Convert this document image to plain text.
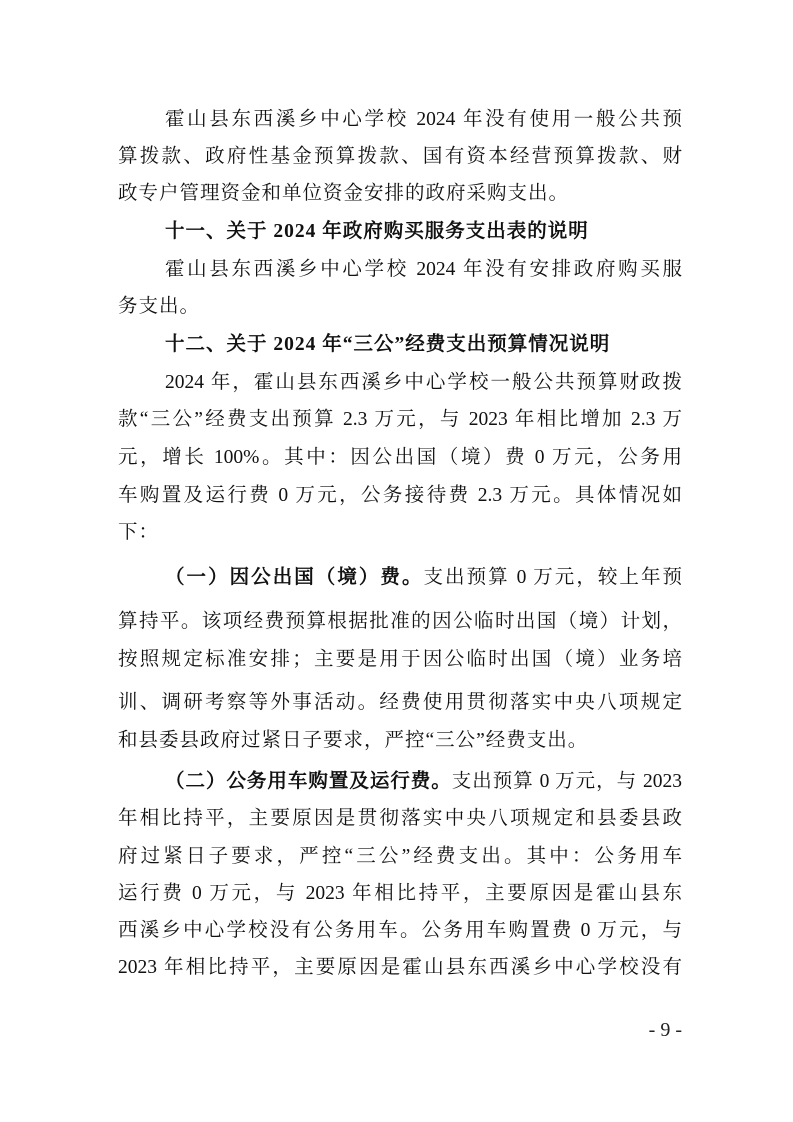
霍山县东西溪乡中心学校 2024 年没有使用一般公共预
算拨款、政府性基金预算拨款、国有资本经营预算拨款、财
政专户管理资金和单位资金安排的政府采购支出。
十一、关于 2024 年政府购买服务支出表的说明
霍山县东西溪乡中心学校 2024 年没有安排政府购买服
务支出。
十二、关于 2024 年“三公”经费支出预算情况说明
2024 年，霍山县东西溪乡中心学校一般公共预算财政拨
款“三公”经费支出预算 2.3 万元，与 2023 年相比增加 2.3 万
元，增长 100%。其中：因公出国（境）费 0 万元，公务用
车购置及运行费 0 万元，公务接待费 2.3 万元。具体情况如
下：
（一）因公出国（境）费。支出预算 0 万元，较上年预
算持平。该项经费预算根据批准的因公临时出国（境）计划，
按照规定标准安排；主要是用于因公临时出国（境）业务培
训、调研考察等外事活动。经费使用贯彻落实中央八项规定
和县委县政府过紧日子要求，严控“三公”经费支出。
（二）公务用车购置及运行费。支出预算 0 万元，与 2023
年相比持平，主要原因是贯彻落实中央八项规定和县委县政
府过紧日子要求，严控“三公”经费支出。其中：公务用车
运行费 0 万元，与 2023 年相比持平，主要原因是霍山县东
西溪乡中心学校没有公务用车。公务用车购置费 0 万元，与
2023 年相比持平，主要原因是霍山县东西溪乡中心学校没有
- 9 -
